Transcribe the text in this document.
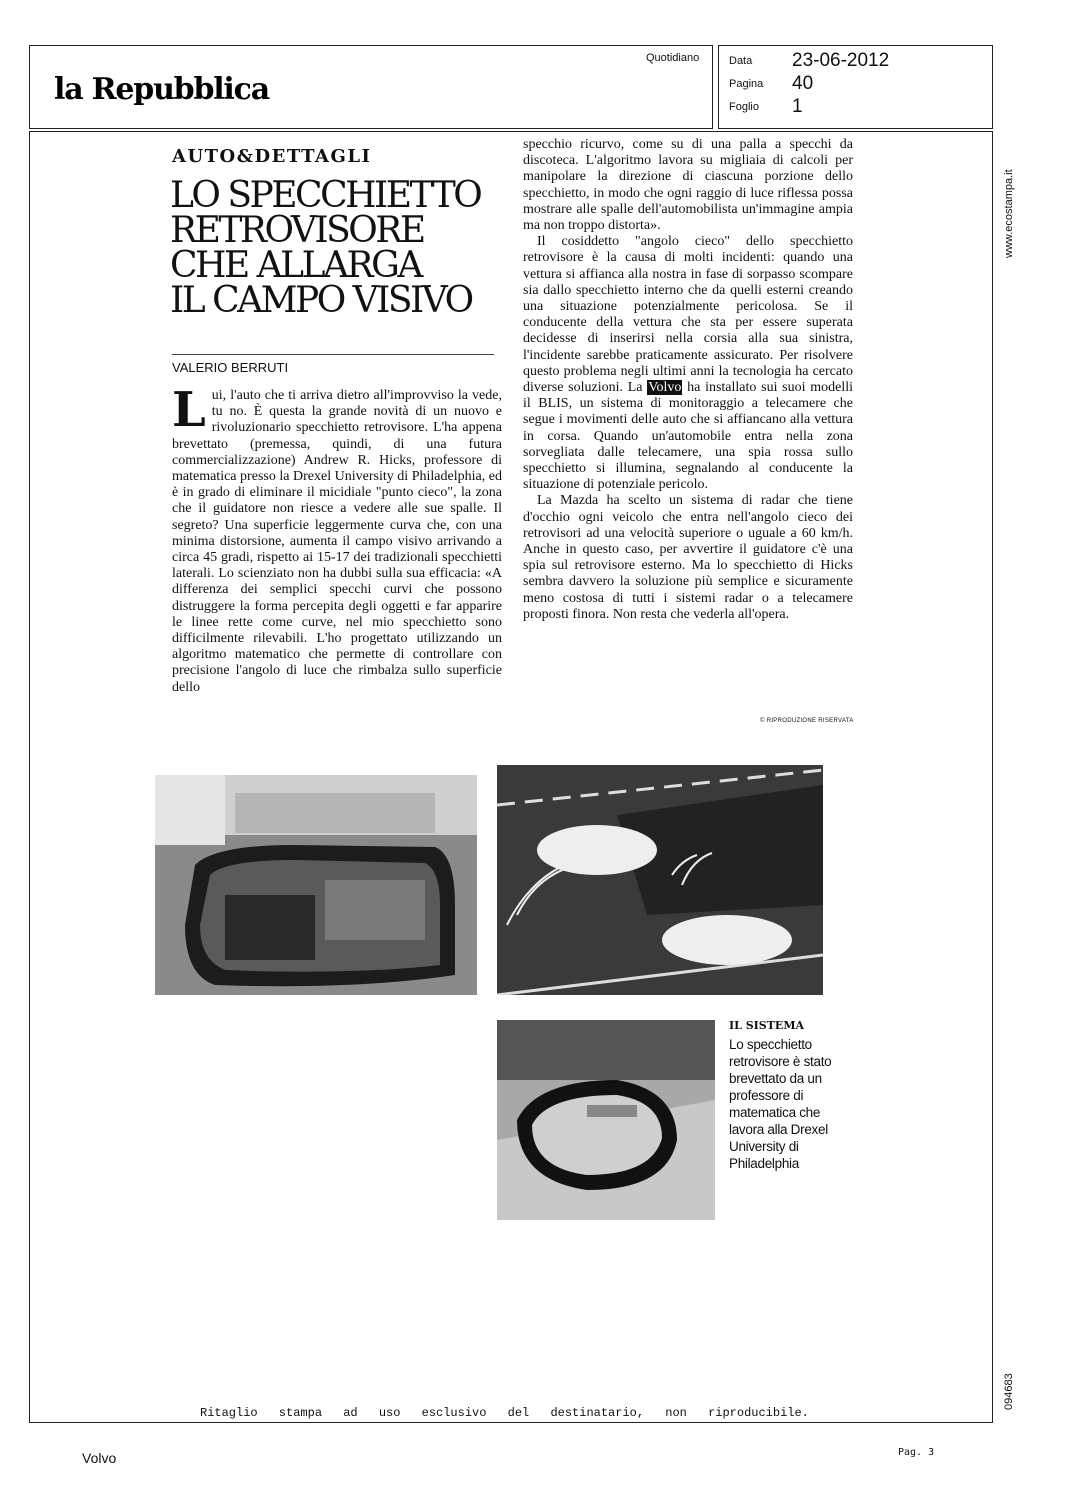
la Repubblica
Quotidiano	Data 23-06-2012
Pagina 40
Foglio 1
www.ecostampa.it
094683
AUTO&DETTAGLI
LO SPECCHIETTO
RETROVISORE
CHE ALLARGA
IL CAMPO VISIVO
VALERIO BERRUTI
L ui, l'auto che ti arriva dietro all'improvviso la vede, tu no. È questa la grande novità di un nuovo e rivoluzionario specchietto retrovisore. L'ha appena brevettato (premessa, quindi, di una futura commercializzazione) Andrew R. Hicks, professore di matematica presso la Drexel University di Philadelphia, ed è in grado di eliminare il micidiale "punto cieco", la zona che il guidatore non riesce a vedere alle sue spalle. Il segreto? Una superficie leggermente curva che, con una minima distorsione, aumenta il campo visivo arrivando a circa 45 gradi, rispetto ai 15-17 dei tradizionali specchietti laterali. Lo scienziato non ha dubbi sulla sua efficacia: «A differenza dei semplici specchi curvi che possono distruggere la forma percepita degli oggetti e far apparire le linee rette come curve, nel mio specchietto sono difficilmente rilevabili. L'ho progettato utilizzando un algoritmo matematico che permette di controllare con precisione l'angolo di luce che rimbalza sullo superficie dello

specchio ricurvo, come su di una palla a specchi da discoteca. L'algoritmo lavora su migliaia di calcoli per manipolare la direzione di ciascuna porzione dello specchietto, in modo che ogni raggio di luce riflessa possa mostrare alle spalle dell'automobilista un'immagine ampia ma non troppo distorta».

Il cosiddetto "angolo cieco" dello specchietto retrovisore è la causa di molti incidenti: quando una vettura si affianca alla nostra in fase di sorpasso scompare sia dallo specchietto interno che da quelli esterni creando una situazione potenzialmente pericolosa. Se il conducente della vettura che sta per essere superata decidesse di inserirsi nella corsia alla sua sinistra, l'incidente sarebbe praticamente assicurato. Per risolvere questo problema negli ultimi anni la tecnologia ha cercato diverse soluzioni. La Volvo ha installato sui suoi modelli il BLIS, un sistema di monitoraggio a telecamere che segue i movimenti delle auto che si affiancano alla vettura in corsa. Quando un'automobile entra nella zona sorvegliata dalle telecamere, una spia rossa sullo specchietto si illumina, segnalando al conducente la situazione di potenziale pericolo.

La Mazda ha scelto un sistema di radar che tiene d'occhio ogni veicolo che entra nell'angolo cieco dei retrovisori ad una velocità superiore o uguale a 60 km/h. Anche in questo caso, per avvertire il guidatore c'è una spia sul retrovisore esterno. Ma lo specchietto di Hicks sembra davvero la soluzione più semplice e sicuramente meno costosa di tutti i sistemi radar o a telecamere proposti finora. Non resta che vederla all'opera.

© RIPRODUZIONE RISERVATA
IL SISTEMA
Lo specchietto retrovisore è stato brevettato da un professore di matematica che lavora alla Drexel University di Philadelphia
Ritaglio stampa ad uso esclusivo del destinatario, non riproducibile.
Volvo	Pag. 3
